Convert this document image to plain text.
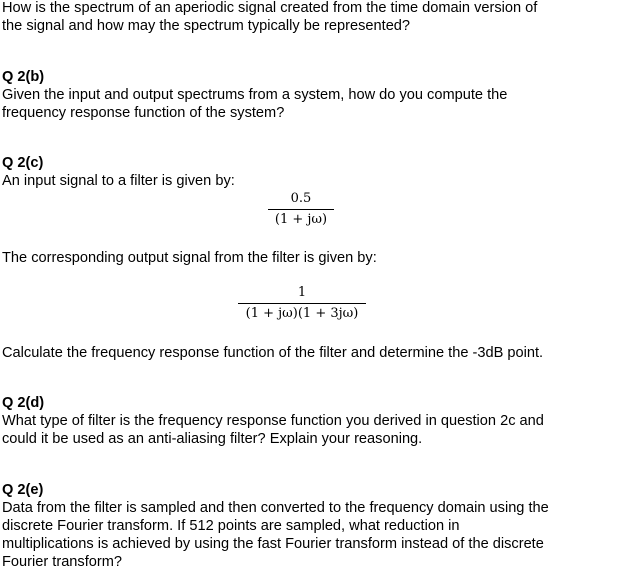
How is the spectrum of an aperiodic signal created from the time domain version of
the signal and how may the spectrum typically be represented?
Q 2(b)
Given the input and output spectrums from a system, how do you compute the
frequency response function of the system?
Q 2(c)
An input signal to a filter is given by:
0.5
(1 + jω)
The corresponding output signal from the filter is given by:
1
(1 + jω)(1 + 3jω)
Calculate the frequency response function of the filter and determine the -3dB point.
Q 2(d)
What type of filter is the frequency response function you derived in question 2c and
could it be used as an anti-aliasing filter? Explain your reasoning.
Q 2(e)
Data from the filter is sampled and then converted to the frequency domain using the
discrete Fourier transform. If 512 points are sampled, what reduction in
multiplications is achieved by using the fast Fourier transform instead of the discrete
Fourier transform?
